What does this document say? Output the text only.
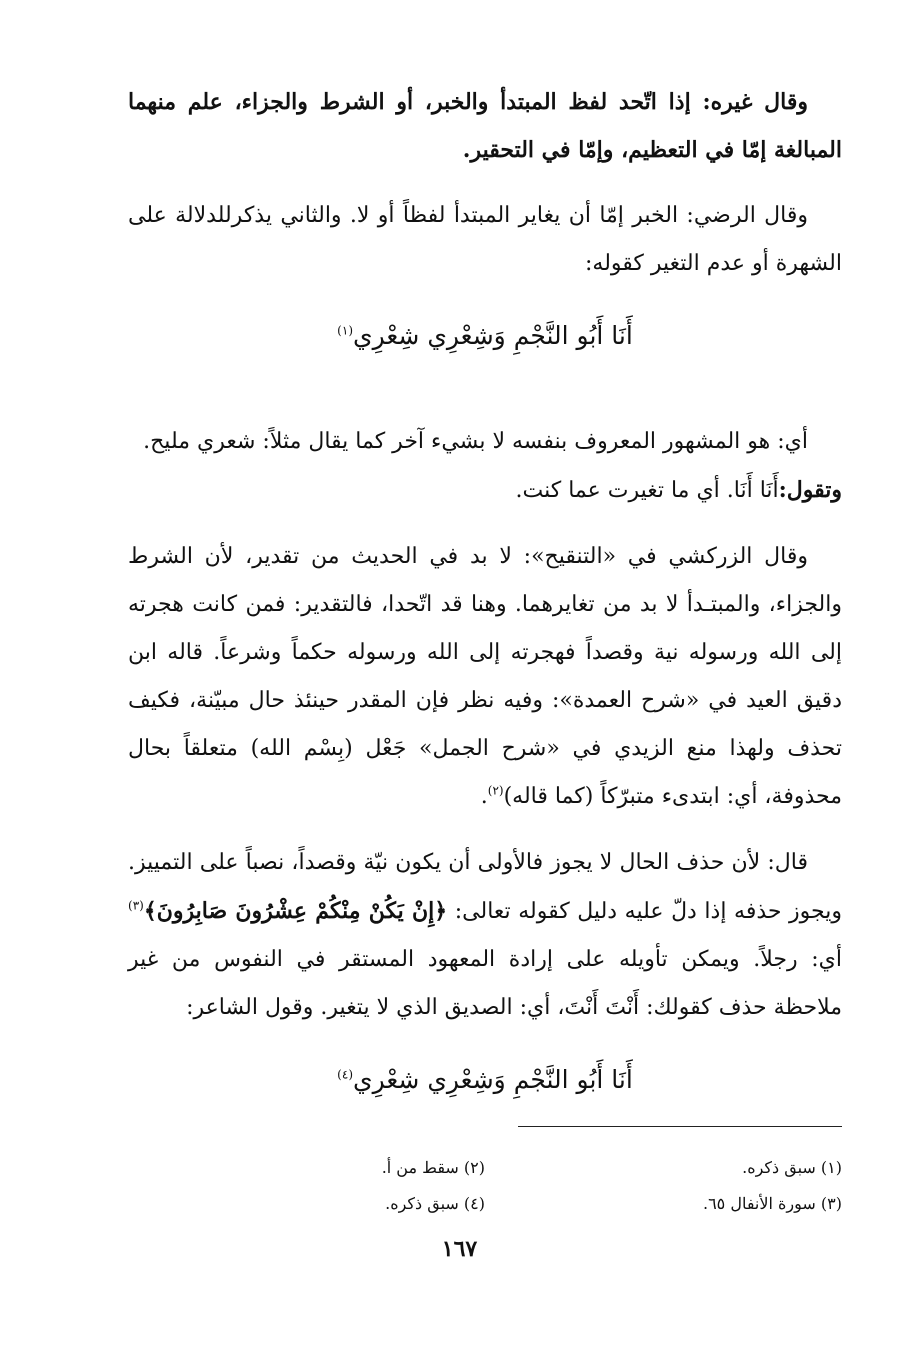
وقال غيره: إذا اتّحد لفظ المبتدأ والخبر، أو الشرط والجزاء، علم منهما المبالغة إمّا في التعظيم، وإمّا في التحقير.

وقال الرضي: الخبر إمّا أن يغاير المبتدأ لفظاً أو لا. والثاني يذكرللدلالة على الشهرة أو عدم التغير كقوله:

أَنَا أَبُو النَّجْمِ وَشِعْرِي شِعْرِي$^{(١)}$

أي: هو المشهور المعروف بنفسه لا بشيء آخر كما يقال مثلاً: شعري مليح.
وتقول:أَنَا أَنَا. أي ما تغيرت عما كنت.

وقال الزركشي في «التنقيح»: لا بد في الحديث من تقدير، لأن الشرط والجزاء، والمبتـدأ لا بد من تغايرهما. وهنا قد اتّحدا، فالتقدير: فمن كانت هجرته إلى الله ورسوله نية وقصداً فهجرته إلى الله ورسوله حكماً وشرعاً. قاله ابن دقيق العيد في «شرح العمدة»: وفيه نظر فإن المقدر حينئذ حال مبيّنة، فكيف تحذف ولهذا منع الزيدي في «شرح الجمل» جَعْل (بِسْم الله) متعلقاً بحال محذوفة، أي: ابتدىء متبرّكاً (كما قاله)$^{(٢)}$.

قال: لأن حذف الحال لا يجوز فالأولى أن يكون نيّة وقصداً، نصباً على التمييز. ويجوز حذفه إذا دلّ عليه دليل كقوله تعالى: ﴿إِنْ يَكُنْ مِنْكُمْ عِشْرُونَ صَابِرُونَ﴾$^{(٣)}$ أي: رجلاً. ويمكن تأويله على إرادة المعهود المستقر في النفوس من غير ملاحظة حذف كقولك: أَنْتَ أَنْتَ، أي: الصديق الذي لا يتغير. وقول الشاعر:

أَنَا أَبُو النَّجْمِ وَشِعْرِي شِعْرِي$^{(٤)}$
(١) سبق ذكره.
(٢) سقط من أ.
(٣) سورة الأنفال ٦٥.
(٤) سبق ذكره.
١٦٧
